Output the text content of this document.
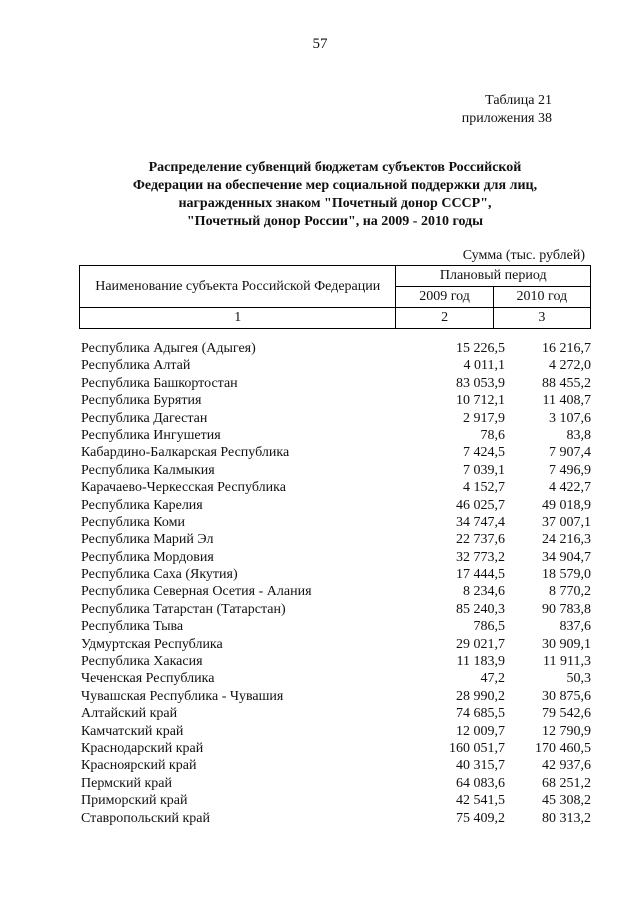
57
Таблица 21
приложения 38
Распределение субвенций бюджетам субъектов Российской
Федерации на обеспечение мер социальной поддержки для лиц,
награжденных знаком "Почетный донор СССР",
"Почетный донор России", на 2009 - 2010 годы
Сумма (тыс. рублей)
Наименование субъекта Российской Федерации	Плановый период	
	2009 год	2010 год
1	2	3
Республика Адыгея (Адыгея)	15 226,5	16 216,7
Республика Алтай	4 011,1	4 272,0
Республика Башкортостан	83 053,9	88 455,2
Республика Бурятия	10 712,1	11 408,7
Республика Дагестан	2 917,9	3 107,6
Республика Ингушетия	78,6	83,8
Кабардино-Балкарская Республика	7 424,5	7 907,4
Республика Калмыкия	7 039,1	7 496,9
Карачаево-Черкесская Республика	4 152,7	4 422,7
Республика Карелия	46 025,7	49 018,9
Республика Коми	34 747,4	37 007,1
Республика Марий Эл	22 737,6	24 216,3
Республика Мордовия	32 773,2	34 904,7
Республика Саха (Якутия)	17 444,5	18 579,0
Республика Северная Осетия - Алания	8 234,6	8 770,2
Республика Татарстан (Татарстан)	85 240,3	90 783,8
Республика Тыва	786,5	837,6
Удмуртская Республика	29 021,7	30 909,1
Республика Хакасия	11 183,9	11 911,3
Чеченская Республика	47,2	50,3
Чувашская Республика - Чувашия	28 990,2	30 875,6
Алтайский край	74 685,5	79 542,6
Камчатский край	12 009,7	12 790,9
Краснодарский край	160 051,7	170 460,5
Красноярский край	40 315,7	42 937,6
Пермский край	64 083,6	68 251,2
Приморский край	42 541,5	45 308,2
Ставропольский край	75 409,2	80 313,2
